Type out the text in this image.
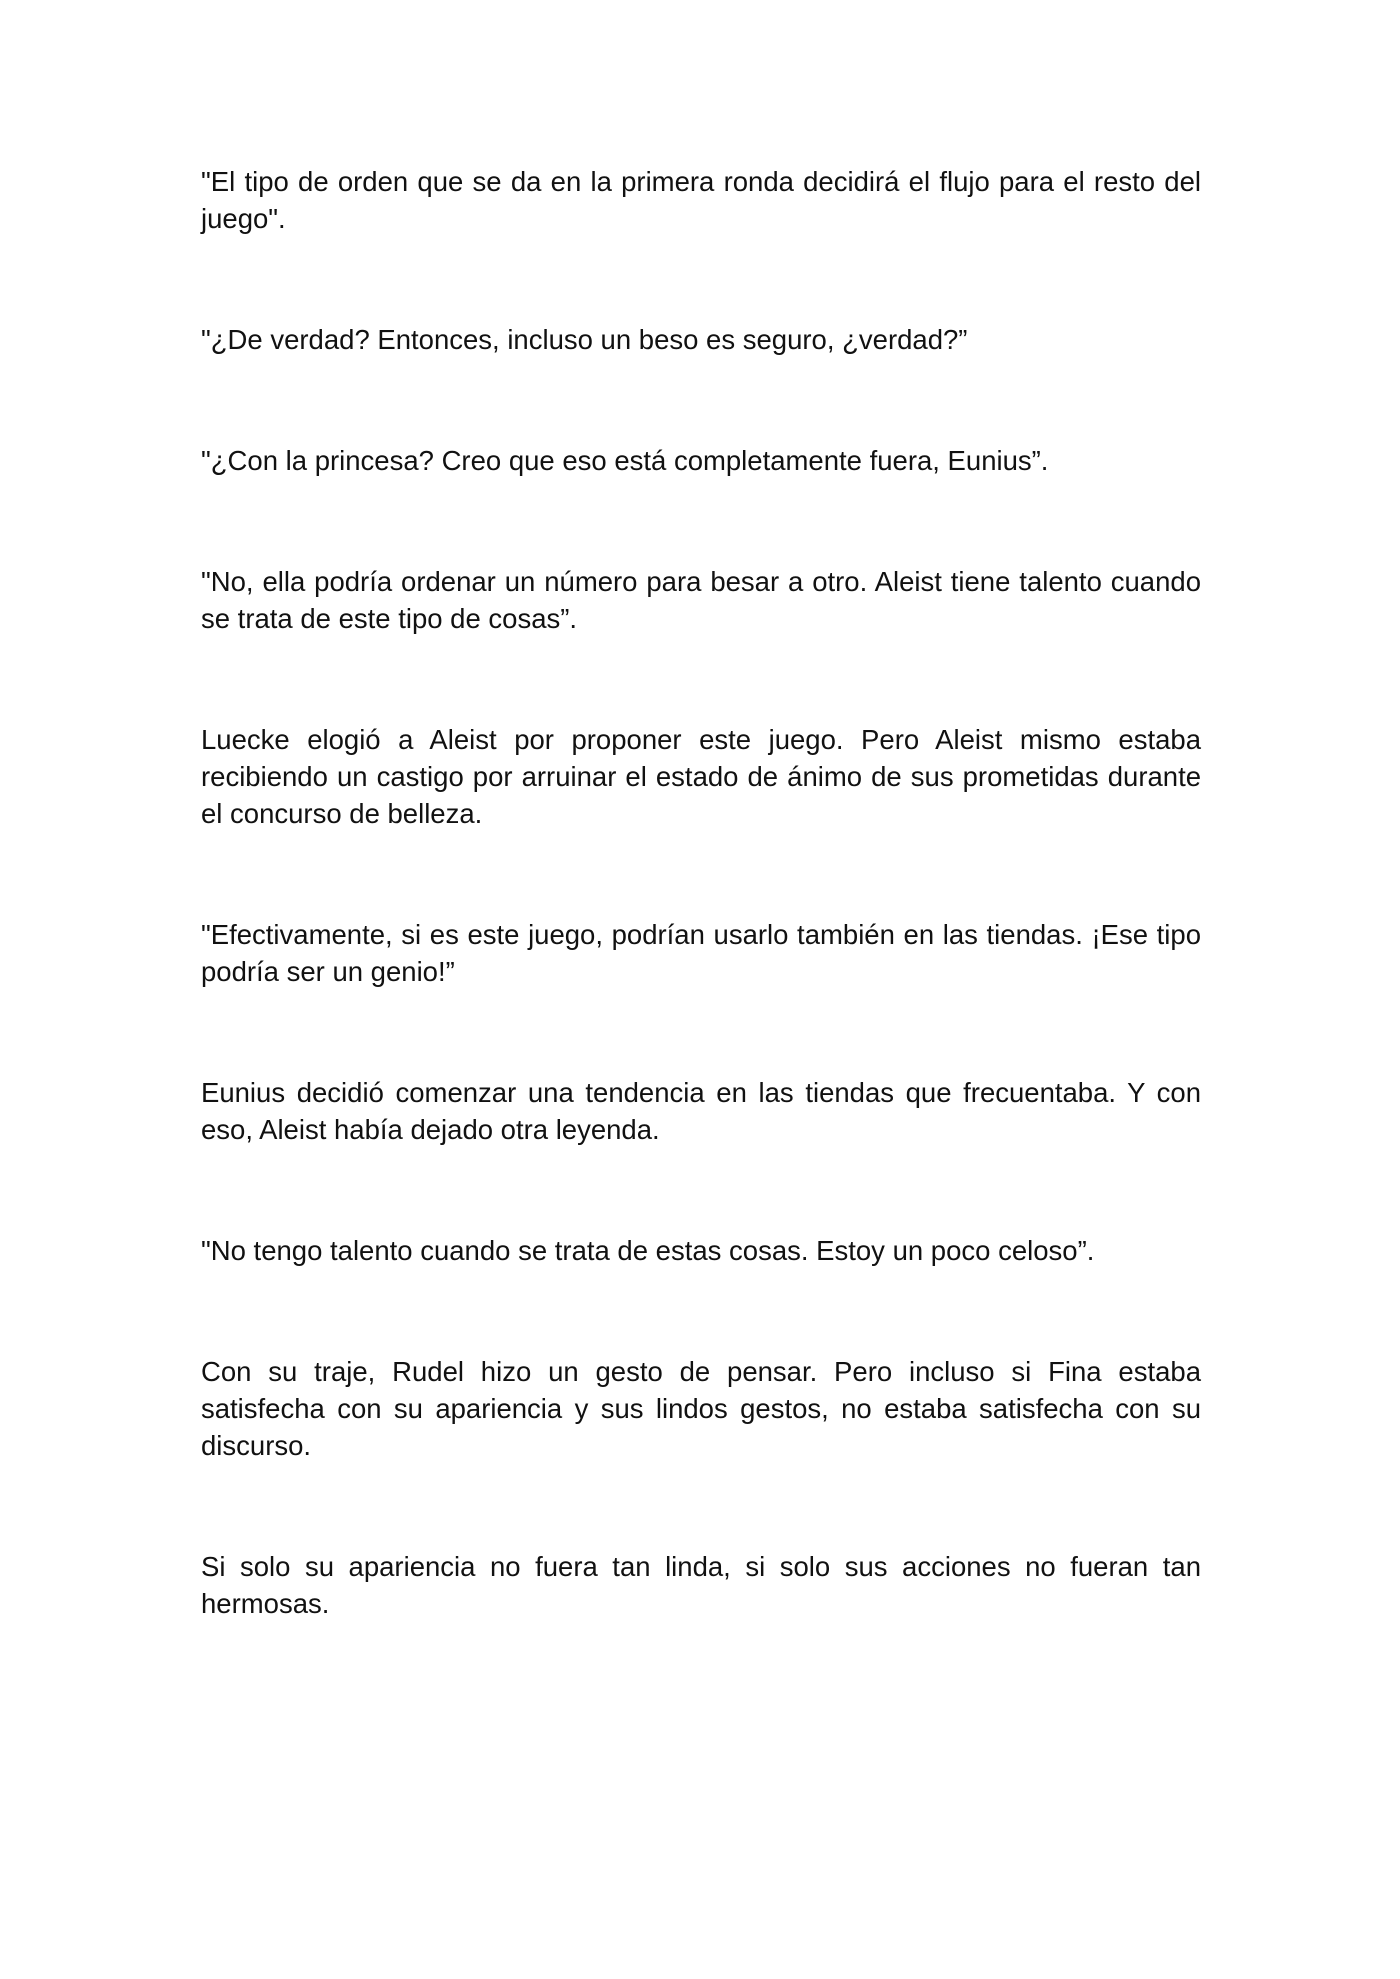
"El tipo de orden que se da en la primera ronda decidirá el flujo para el resto del juego".

"¿De verdad? Entonces, incluso un beso es seguro, ¿verdad?”

"¿Con la princesa? Creo que eso está completamente fuera, Eunius”.

"No, ella podría ordenar un número para besar a otro. Aleist tiene talento cuando se trata de este tipo de cosas”.

Luecke elogió a Aleist por proponer este juego. Pero Aleist mismo estaba recibiendo un castigo por arruinar el estado de ánimo de sus prometidas durante el concurso de belleza.

"Efectivamente, si es este juego, podrían usarlo también en las tiendas. ¡Ese tipo podría ser un genio!”

Eunius decidió comenzar una tendencia en las tiendas que frecuentaba. Y con eso, Aleist había dejado otra leyenda.

"No tengo talento cuando se trata de estas cosas. Estoy un poco celoso”.

Con su traje, Rudel hizo un gesto de pensar. Pero incluso si Fina estaba satisfecha con su apariencia y sus lindos gestos, no estaba satisfecha con su discurso.

Si solo su apariencia no fuera tan linda, si solo sus acciones no fueran tan hermosas.
